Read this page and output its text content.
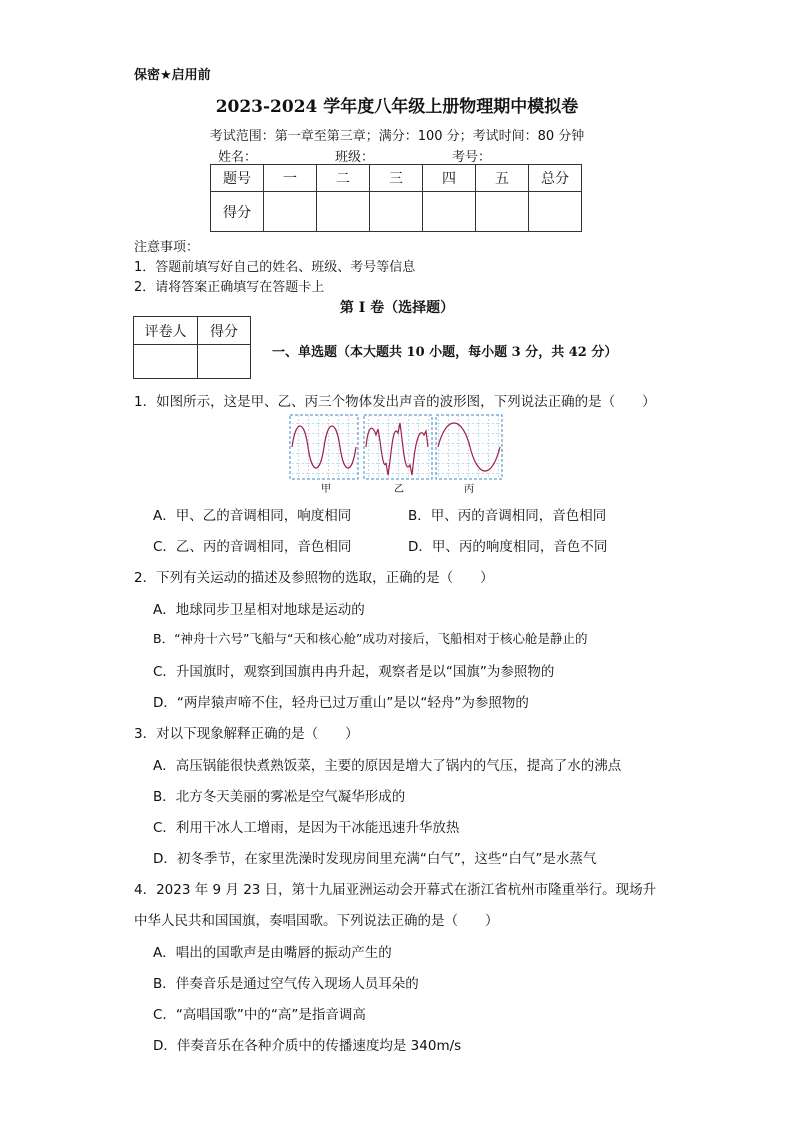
保密★启用前
2023-2024 学年度八年级上册物理期中模拟卷
考试范围：第一章至第三章；满分：100 分；考试时间：80 分钟
姓名：	班级：	考号：
题号	一	二	三	四	五	总分
得分						
注意事项：
1．答题前填写好自己的姓名、班级、考号等信息
2．请将答案正确填写在答题卡上
第 I 卷（选择题）
评卷人	得分

一、单选题（本大题共 10 小题，每小题 3 分，共 42 分）
1．如图所示，这是甲、乙、丙三个物体发出声音的波形图，下列说法正确的是（　　）
甲	乙	丙
A．甲、乙的音调相同，响度相同	B．甲、丙的音调相同，音色相同
C．乙、丙的音调相同，音色相同	D．甲、丙的响度相同，音色不同
2．下列有关运动的描述及参照物的选取，正确的是（　　）
A．地球同步卫星相对地球是运动的
B．“神舟十六号”飞船与“天和核心舱”成功对接后，飞船相对于核心舱是静止的
C．升国旗时，观察到国旗冉冉升起，观察者是以“国旗”为参照物的
D．“两岸猿声啼不住，轻舟已过万重山”是以“轻舟”为参照物的
3．对以下现象解释正确的是（　　）
A．高压锅能很快煮熟饭菜，主要的原因是增大了锅内的气压，提高了水的沸点
B．北方冬天美丽的雾凇是空气凝华形成的
C．利用干冰人工增雨，是因为干冰能迅速升华放热
D．初冬季节，在家里洗澡时发现房间里充满“白气”，这些“白气”是水蒸气
4．2023 年 9 月 23 日，第十九届亚洲运动会开幕式在浙江省杭州市隆重举行。现场升
中华人民共和国国旗，奏唱国歌。下列说法正确的是（　　）
A．唱出的国歌声是由嘴唇的振动产生的
B．伴奏音乐是通过空气传入现场人员耳朵的
C．“高唱国歌”中的“高”是指音调高
D．伴奏音乐在各种介质中的传播速度均是 340m/s
